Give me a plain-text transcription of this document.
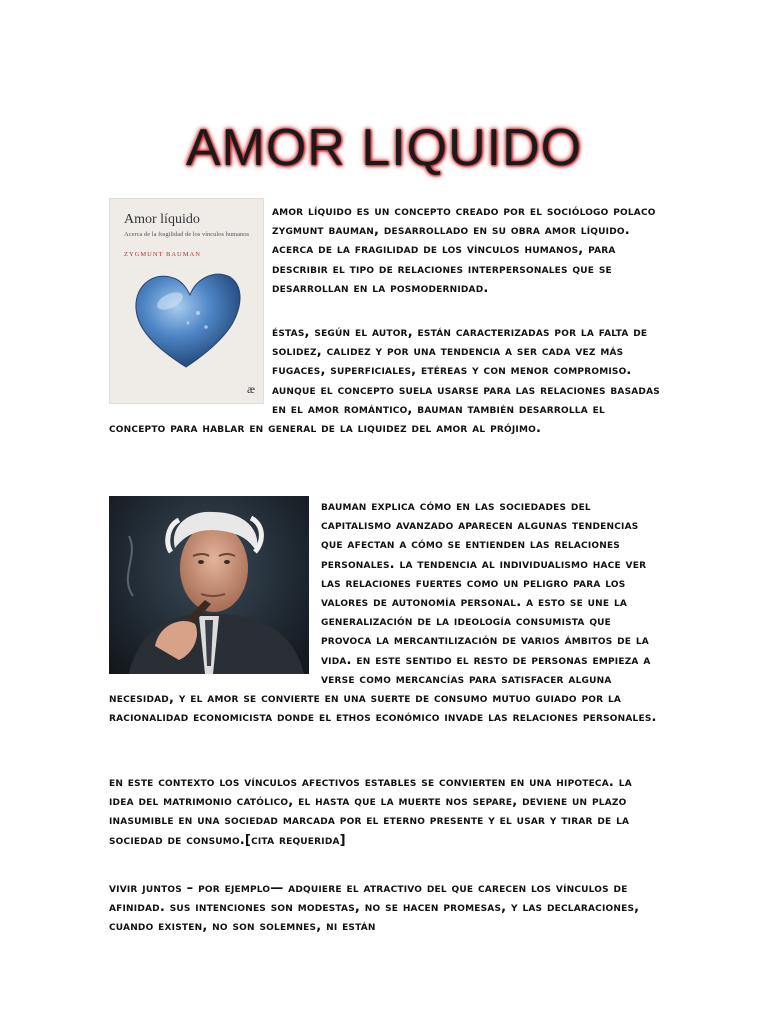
AMOR LIQUIDO
Amor líquido
Acerca de la fragilidad de los vínculos humanos
ZYGMUNT BAUMAN
æ

amor líquido es un concepto creado por el sociólogo polaco zygmunt bauman, desarrollado en su obra amor líquido. acerca de la fragilidad de los vínculos humanos, para describir el tipo de relaciones interpersonales que se desarrollan en la posmodernidad.

éstas, según el autor, están caracterizadas por la falta de solidez, calidez y por una tendencia a ser cada vez más fugaces, superficiales, etéreas y con menor compromiso. aunque el concepto suela usarse para las relaciones basadas en el amor romántico, bauman también desarrolla el concepto para hablar en general de la liquidez del amor al prójimo.

bauman explica cómo en las sociedades del capitalismo avanzado aparecen algunas tendencias que afectan a cómo se entienden las relaciones personales. la tendencia al individualismo hace ver las relaciones fuertes como un peligro para los valores de autonomía personal. a esto se une la generalización de la ideología consumista que provoca la mercantilización de varios ámbitos de la vida. en este sentido el resto de personas empieza a verse como mercancías para satisfacer alguna necesidad, y el amor se convierte en una suerte de consumo mutuo guiado por la racionalidad economicista donde el ethos económico invade las relaciones personales.

en este contexto los vínculos afectivos estables se convierten en una hipoteca. la idea del matrimonio católico, el hasta que la muerte nos separe, deviene un plazo inasumible en una sociedad marcada por el eterno presente y el usar y tirar de la sociedad de consumo.[cita requerida]

vivir juntos – por ejemplo— adquiere el atractivo del que carecen los vínculos de afinidad. sus intenciones son modestas, no se hacen promesas, y las declaraciones, cuando existen, no son solemnes, ni están
